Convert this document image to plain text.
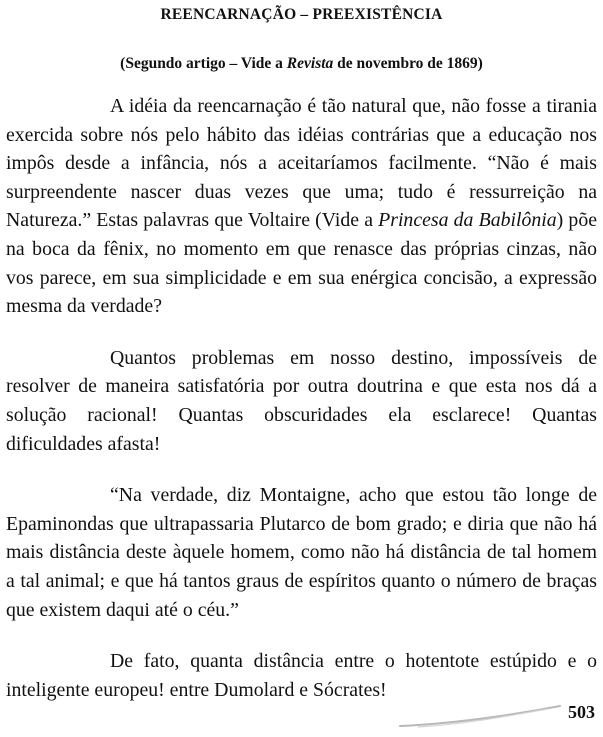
REENCARNAÇÃO – PREEXISTÊNCIA
(Segundo artigo – Vide a Revista de novembro de 1869)

A idéia da reencarnação é tão natural que, não fosse a tirania exercida sobre nós pelo hábito das idéias contrárias que a educação nos impôs desde a infância, nós a aceitaríamos facilmente. “Não é mais surpreendente nascer duas vezes que uma; tudo é ressurreição na Natureza.” Estas palavras que Voltaire (Vide a Princesa da Babilônia) põe na boca da fênix, no momento em que renasce das próprias cinzas, não vos parece, em sua simplicidade e em sua enérgica concisão, a expressão mesma da verdade?

Quantos problemas em nosso destino, impossíveis de resolver de maneira satisfatória por outra doutrina e que esta nos dá a solução racional! Quantas obscuridades ela esclarece! Quantas dificuldades afasta!

“Na verdade, diz Montaigne, acho que estou tão longe de Epaminondas que ultrapassaria Plutarco de bom grado; e diria que não há mais distância deste àquele homem, como não há distância de tal homem a tal animal; e que há tantos graus de espíritos quanto o número de braças que existem daqui até o céu.”

De fato, quanta distância entre o hotentote estúpido e o inteligente europeu! entre Dumolard e Sócrates!

503
